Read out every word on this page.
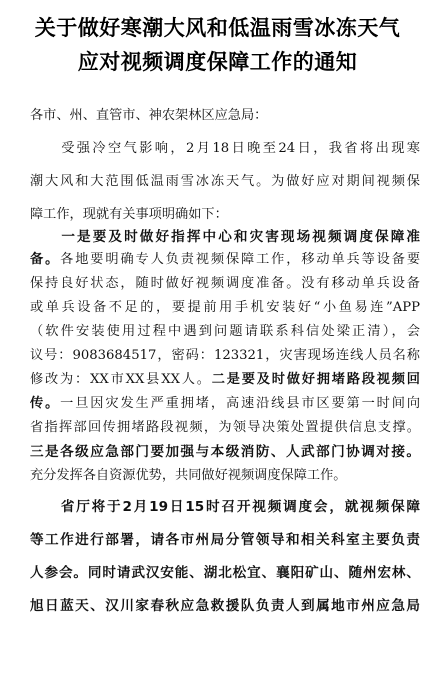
关于做好寒潮大风和低温雨雪冰冻天气
应对视频调度保障工作的通知
各市、州、直管市、神农架林区应急局：
　　受强冷空气影响，2月18日晚至24日，我省将出现寒
潮大风和大范围低温雨雪冰冻天气。为做好应对期间视频保
障工作，现就有关事项明确如下：
　　一是要及时做好指挥中心和灾害现场视频调度保障准
备。各地要明确专人负责视频保障工作，移动单兵等设备要
保持良好状态，随时做好视频调度准备。没有移动单兵设备
或单兵设备不足的，要提前用手机安装好“小鱼易连”APP
（软件安装使用过程中遇到问题请联系科信处梁正清），会
议号：9083684517，密码：123321，灾害现场连线人员名称
修改为：XX市XX县XX人。二是要及时做好拥堵路段视频回
传。一旦因灾发生严重拥堵，高速沿线县市区要第一时间向
省指挥部回传拥堵路段视频，为领导决策处置提供信息支撑。
三是各级应急部门要加强与本级消防、人武部门协调对接。
充分发挥各自资源优势，共同做好视频调度保障工作。
　　省厅将于2月19日15时召开视频调度会，就视频保障
等工作进行部署，请各市州局分管领导和相关科室主要负责
人参会。同时请武汉安能、湖北松宜、襄阳矿山、随州宏林、
旭日蓝天、汉川家春秋应急救援队负责人到属地市州应急局
